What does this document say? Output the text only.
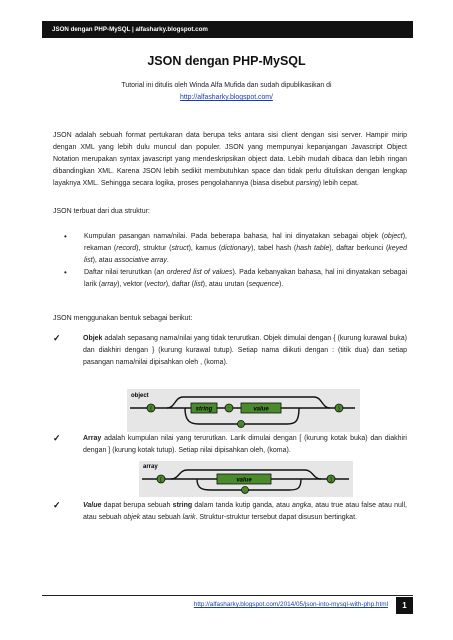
JSON dengan PHP-MySQL | alfasharky.blogspot.com
JSON dengan PHP-MySQL
Tutorial ini ditulis oleh Winda Alfa Mufida dan sudah dipublikasikan di
http://alfasharky.blogspot.com/
JSON adalah sebuah format pertukaran data berupa teks antara sisi client dengan sisi server. Hampir mirip dengan XML yang lebih dulu muncul dan populer. JSON yang mempunyai kepanjangan Javascript Object Notation merupakan syntax javascript yang mendeskripsikan object data. Lebih mudah dibaca dan lebih ringan dibandingkan XML. Karena JSON lebih sedikit membutuhkan space dan tidak perlu dituliskan dengan lengkap layaknya XML. Sehingga secara logika, proses pengolahannya (biasa disebut parsing) lebih cepat.
JSON terbuat dari dua struktur:
• Kumpulan pasangan nama/nilai. Pada beberapa bahasa, hal ini dinyatakan sebagai objek (object), rekaman (record), struktur (struct), kamus (dictionary), tabel hash (hash table), daftar berkunci (keyed list), atau associative array.
• Daftar nilai terurutkan (an ordered list of values). Pada kebanyakan bahasa, hal ini dinyatakan sebagai larik (array), vektor (vector), daftar (list), atau urutan (sequence).
JSON menggunakan bentuk sebagai berikut:
✓	Objek adalah sepasang nama/nilai yang tidak terurutkan. Objek dimulai dengan { (kurung kurawal buka) dan diakhiri dengan } (kurung kurawal tutup). Setiap nama diikuti dengan : (titik dua) dan setiap pasangan nama/nilai dipisahkan oleh , (koma).
object
{	string	:	value	}
,
✓	Array adalah kumpulan nilai yang terurutkan. Larik dimulai dengan [ (kurung kotak buka) dan diakhiri dengan ] (kurung kotak tutup). Setiap nilai dipisahkan oleh, (koma).
array
[	value	]
,
✓	Value dapat berupa sebuah string dalam tanda kutip ganda, atau angka, atau true atau false atau null, atau sebuah objek atau sebuah larik. Struktur-struktur tersebut dapat disusun bertingkat.
http://alfasharky.blogspot.com/2014/05/json-into-mysql-with-php.html	1
